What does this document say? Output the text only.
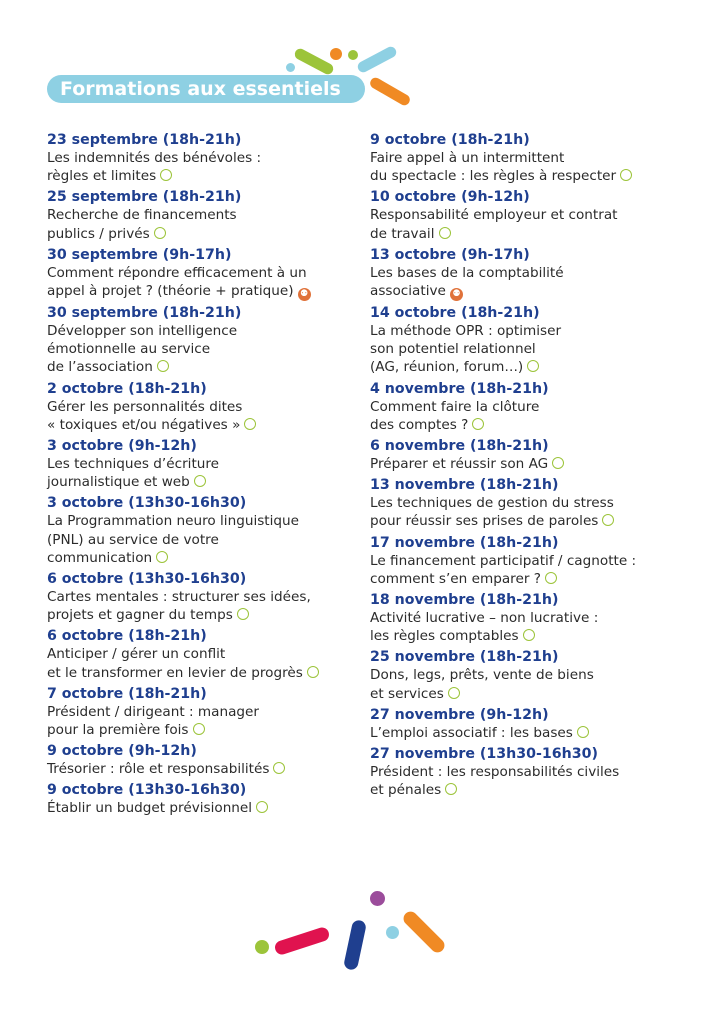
Formations aux essentiels
23 septembre (18h-21h)
Les indemnités des bénévoles :
règles et limites
25 septembre (18h-21h)
Recherche de financements
publics / privés
30 septembre (9h-17h)
Comment répondre efficacement à un
appel à projet ? (théorie + pratique) ⚉
30 septembre (18h-21h)
Développer son intelligence
émotionnelle au service
de l’association
2 octobre (18h-21h)
Gérer les personnalités dites
« toxiques et/ou négatives »
3 octobre (9h-12h)
Les techniques d’écriture
journalistique et web
3 octobre (13h30-16h30)
La Programmation neuro linguistique
(PNL) au service de votre
communication
6 octobre (13h30-16h30)
Cartes mentales : structurer ses idées,
projets et gagner du temps
6 octobre (18h-21h)
Anticiper / gérer un conflit
et le transformer en levier de progrès
7 octobre (18h-21h)
Président / dirigeant : manager
pour la première fois
9 octobre (9h-12h)
Trésorier : rôle et responsabilités
9 octobre (13h30-16h30)
Établir un budget prévisionnel
9 octobre (18h-21h)
Faire appel à un intermittent
du spectacle : les règles à respecter
10 octobre (9h-12h)
Responsabilité employeur et contrat
de travail
13 octobre (9h-17h)
Les bases de la comptabilité
associative ⚉
14 octobre (18h-21h)
La méthode OPR : optimiser
son potentiel relationnel
(AG, réunion, forum…)
4 novembre (18h-21h)
Comment faire la clôture
des comptes ?
6 novembre (18h-21h)
Préparer et réussir son AG
13 novembre (18h-21h)
Les techniques de gestion du stress
pour réussir ses prises de paroles
17 novembre (18h-21h)
Le financement participatif / cagnotte :
comment s’en emparer ?
18 novembre (18h-21h)
Activité lucrative – non lucrative :
les règles comptables
25 novembre (18h-21h)
Dons, legs, prêts, vente de biens
et services
27 novembre (9h-12h)
L’emploi associatif : les bases
27 novembre (13h30-16h30)
Président : les responsabilités civiles
et pénales
